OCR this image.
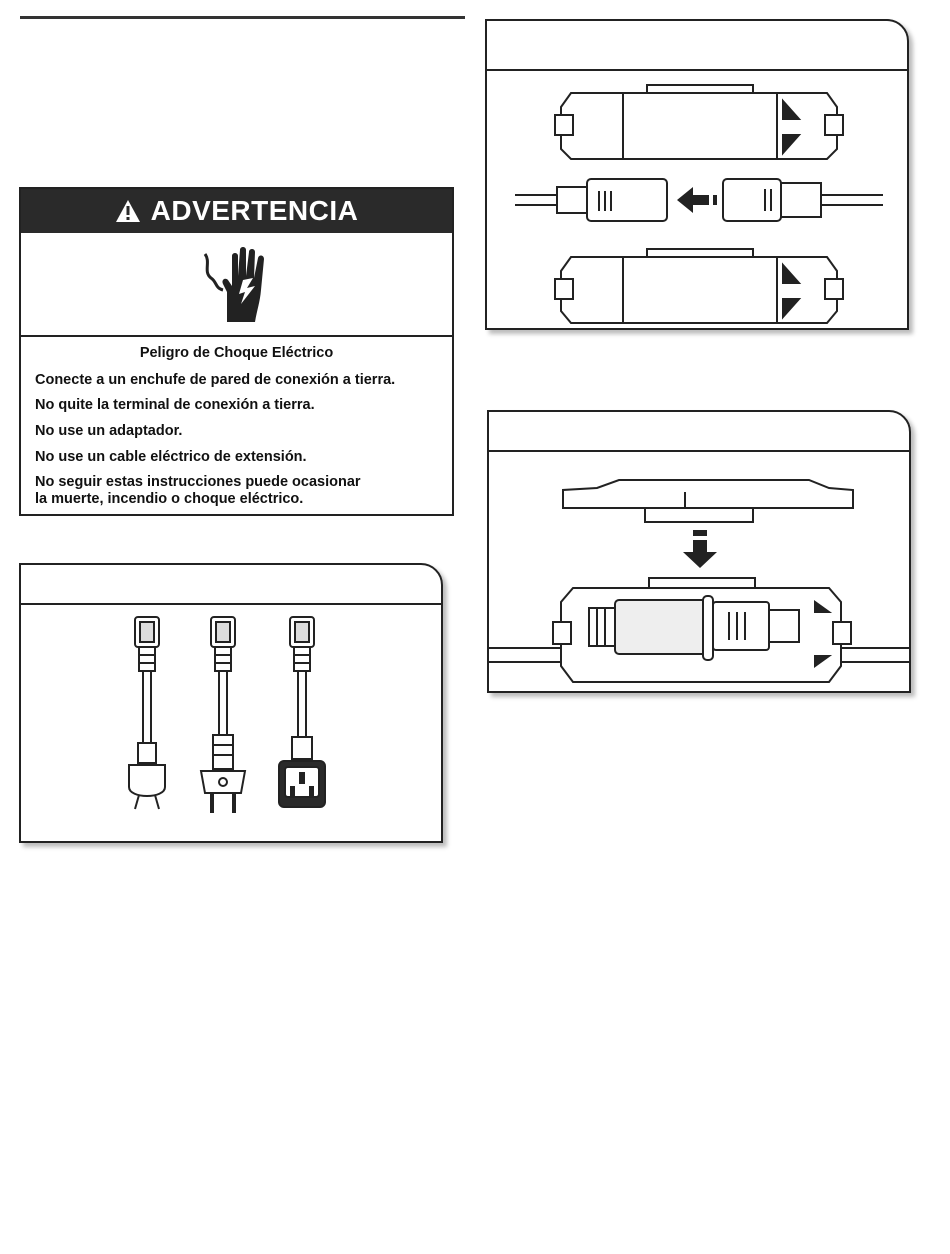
ADVERTENCIA

Peligro de Choque Eléctrico

Conecte a un enchufe de pared de conexión a tierra.

No quite la terminal de conexión a tierra.

No use un adaptador.

No use un cable eléctrico de extensión.

No seguir estas instrucciones puede ocasionar
la muerte, incendio o choque eléctrico.
